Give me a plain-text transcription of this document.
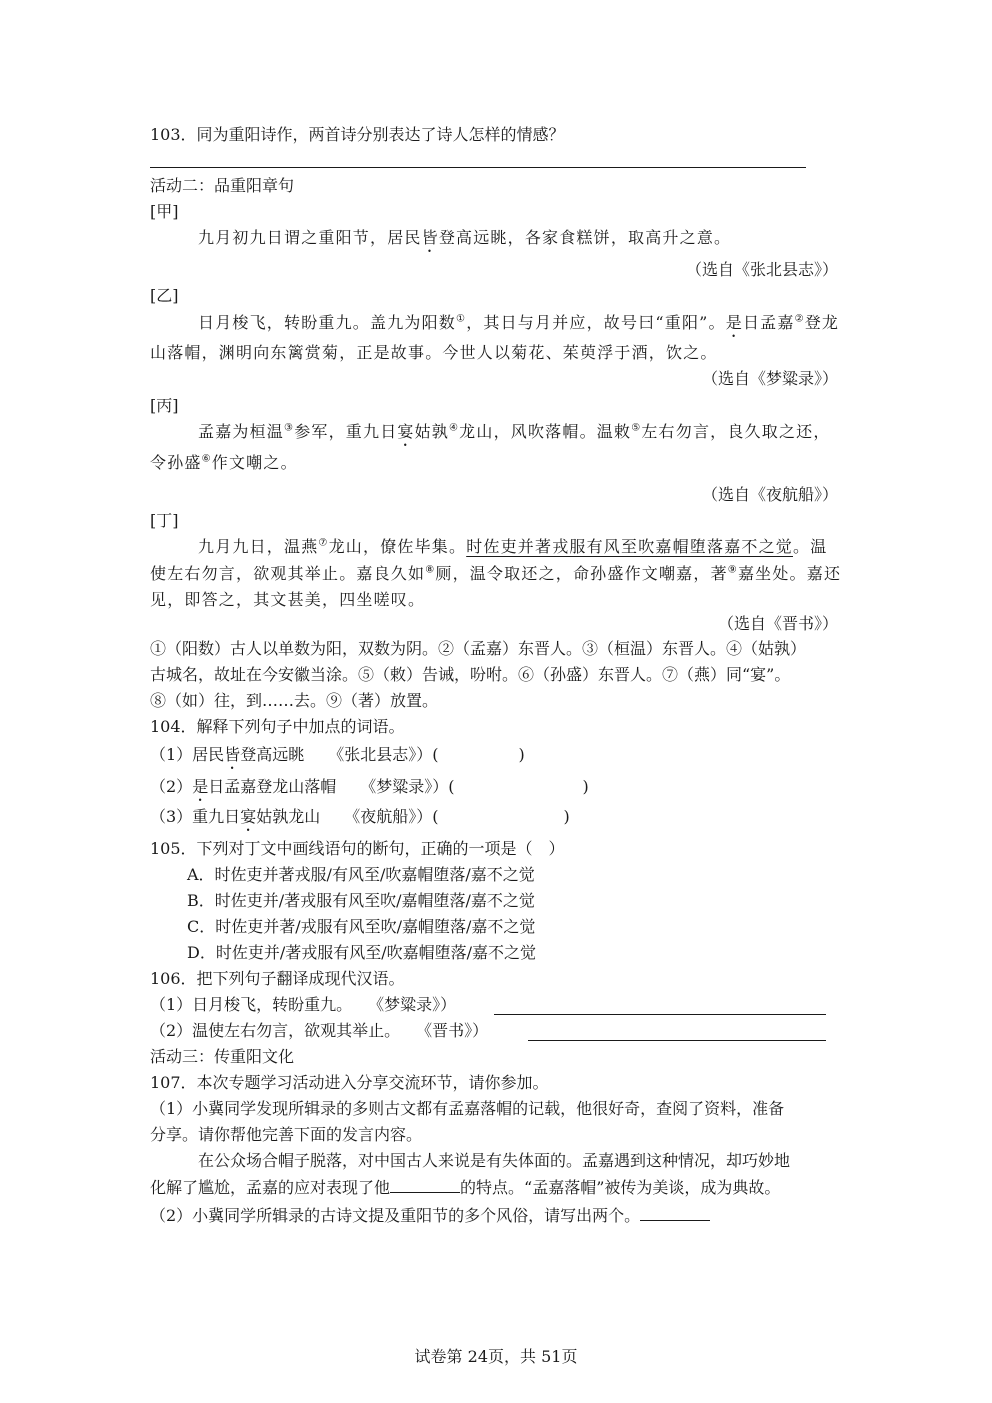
103．同为重阳诗作，两首诗分别表达了诗人怎样的情感？
活动二：品重阳章句
[甲]
九月初九日谓之重阳节，居民皆登高远眺，各家食糕饼，取高升之意。
（选自《张北县志》）
[乙]
日月梭飞，转盼重九。盖九为阳数①，其日与月并应，故号曰“重阳”。是日孟嘉②登龙
山落帽，渊明向东篱赏菊，正是故事。今世人以菊花、茱萸浮于酒，饮之。
（选自《梦粱录》）
[丙]
孟嘉为桓温③参军，重九日宴姑孰④龙山，风吹落帽。温敕⑤左右勿言，良久取之还，
令孙盛⑥作文嘲之。
（选自《夜航船》）
[丁]
九月九日，温燕⑦龙山，僚佐毕集。时佐吏并著戎服有风至吹嘉帽堕落嘉不之觉。温
使左右勿言，欲观其举止。嘉良久如⑧厕，温令取还之，命孙盛作文嘲嘉，著⑨嘉坐处。嘉还
见，即答之，其文甚美，四坐嗟叹。
（选自《晋书》）
①（阳数）古人以单数为阳，双数为阴。②（孟嘉）东晋人。③（桓温）东晋人。④（姑孰）
古城名，故址在今安徽当涂。⑤（敕）告诫，吩咐。⑥（孙盛）东晋人。⑦（燕）同“宴”。
⑧（如）往，到……去。⑨（著）放置。
104．解释下列句子中加点的词语。
（1）居民皆登高远眺　　《张北县志》）(	)
（2）是日孟嘉登龙山落帽　　《梦粱录》）(	)
（3）重九日宴姑孰龙山　　《夜航船》）(	)
105．下列对丁文中画线语句的断句，正确的一项是（　）
A．时佐吏并著戎服/有风至/吹嘉帽堕落/嘉不之觉
B．时佐吏并/著戎服有风至吹/嘉帽堕落/嘉不之觉
C．时佐吏并著/戎服有风至吹/嘉帽堕落/嘉不之觉
D．时佐吏并/著戎服有风至/吹嘉帽堕落/嘉不之觉
106．把下列句子翻译成现代汉语。
（1）日月梭飞，转盼重九。　　《梦粱录》）
（2）温使左右勿言，欲观其举止。　　《晋书》）
活动三：传重阳文化
107．本次专题学习活动进入分享交流环节，请你参加。
（1）小冀同学发现所辑录的多则古文都有孟嘉落帽的记载，他很好奇，查阅了资料，准备
分享。请你帮他完善下面的发言内容。
在公众场合帽子脱落，对中国古人来说是有失体面的。孟嘉遇到这种情况，却巧妙地
化解了尴尬，孟嘉的应对表现了他	的特点。“孟嘉落帽”被传为美谈，成为典故。
（2）小冀同学所辑录的古诗文提及重阳节的多个风俗，请写出两个。
试卷第 24页，共 51页
